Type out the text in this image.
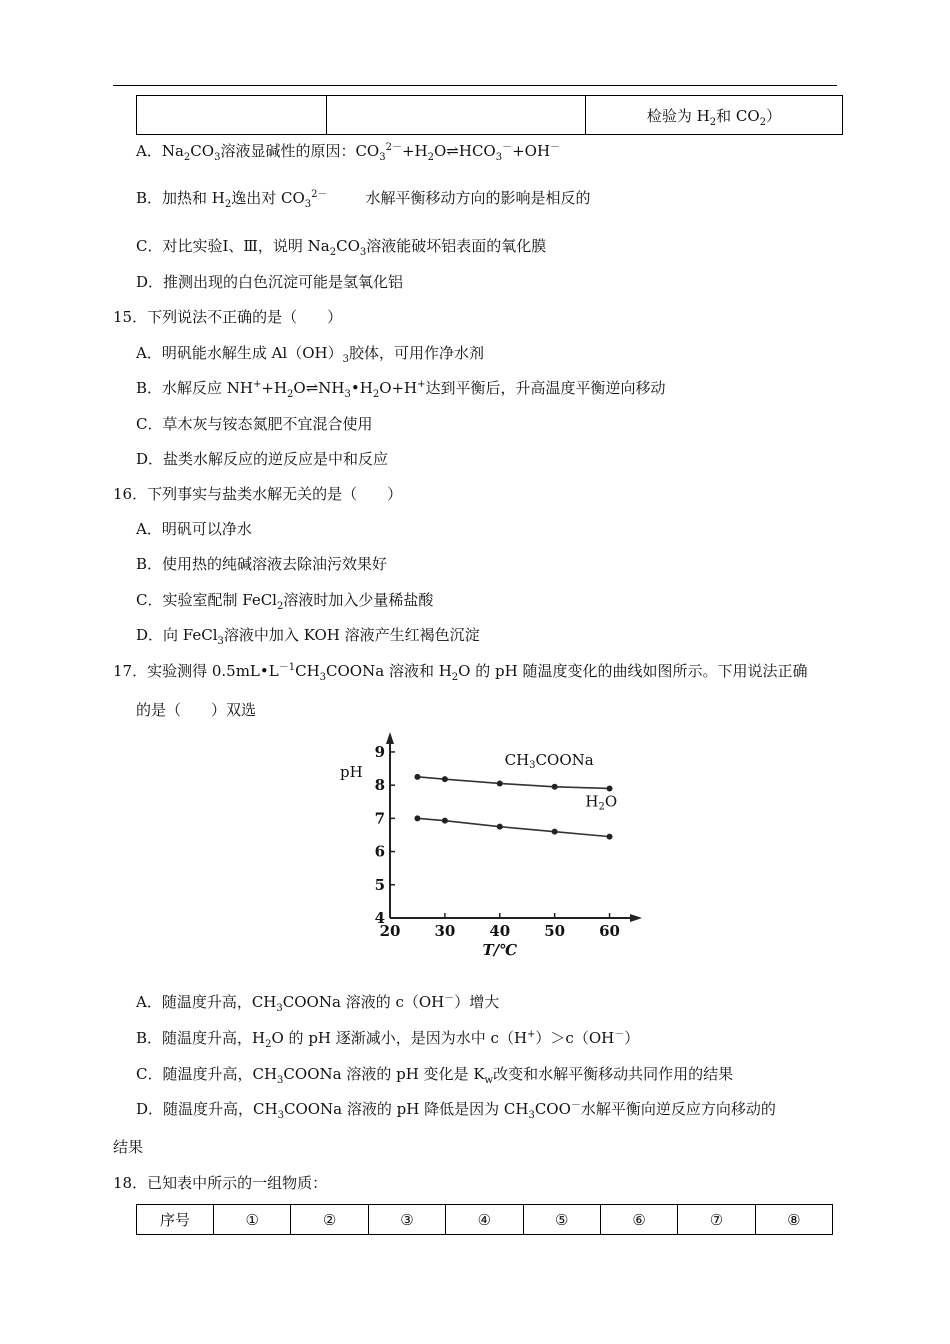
		检验为 $H_2$和 $CO_2$）
A．$Na_2CO_3$溶液显碱性的原因：$CO_3^{2-}+H_2O\rightleftharpoons HCO_3^-+OH^-$
B．加热和 $H_2$逸出对 $CO_3^{2-}$	水解平衡移动方向的影响是相反的
C．对比实验Ⅰ、Ⅲ，说明 $Na_2CO_3$溶液能破坏铝表面的氧化膜
D．推测出现的白色沉淀可能是氢氧化铝
15．下列说法不正确的是（　　）
A．明矾能水解生成 $Al(OH)_3$胶体，可用作净水剂
B．水解反应 $NH^++H_2O\rightleftharpoons NH_3•H_2O+H^+$达到平衡后，升高温度平衡逆向移动
C．草木灰与铵态氮肥不宜混合使用
D．盐类水解反应的逆反应是中和反应
16．下列事实与盐类水解无关的是（　　）
A．明矾可以净水
B．使用热的纯碱溶液去除油污效果好
C．实验室配制 FeCl$_2$溶液时加入少量稀盐酸
D．向 FeCl$_3$溶液中加入 KOH 溶液产生红褐色沉淀
17．实验测得 $0.5mL•L^{-1}CH_3COONa$ 溶液和 $H_2O$ 的 pH 随温度变化的曲线如图所示。下用说法正确
的是（　　）双选
pH
T/℃
20 30 40 50 60
4
5
6
7
8
9	$CH_3COONa$
$H_2O$
A．随温度升高，$CH_3COONa$ 溶液的 c（OH－）增大
B．随温度升高，$H_2O$ 的 pH 逐渐减小，是因为水中 c（H+）＞c（OH－）
C．随温度升高，$CH_3COONa$ 溶液的 pH 变化是 $K_w$改变和水解平衡移动共同作用的结果
D．随温度升高，$CH_3COONa$ 溶液的 pH 降低是因为 $CH_3COO^-$水解平衡向逆反应方向移动的
结果
18．已知表中所示的一组物质：
序号	①	②	③	④	⑤	⑥	⑦	⑧
